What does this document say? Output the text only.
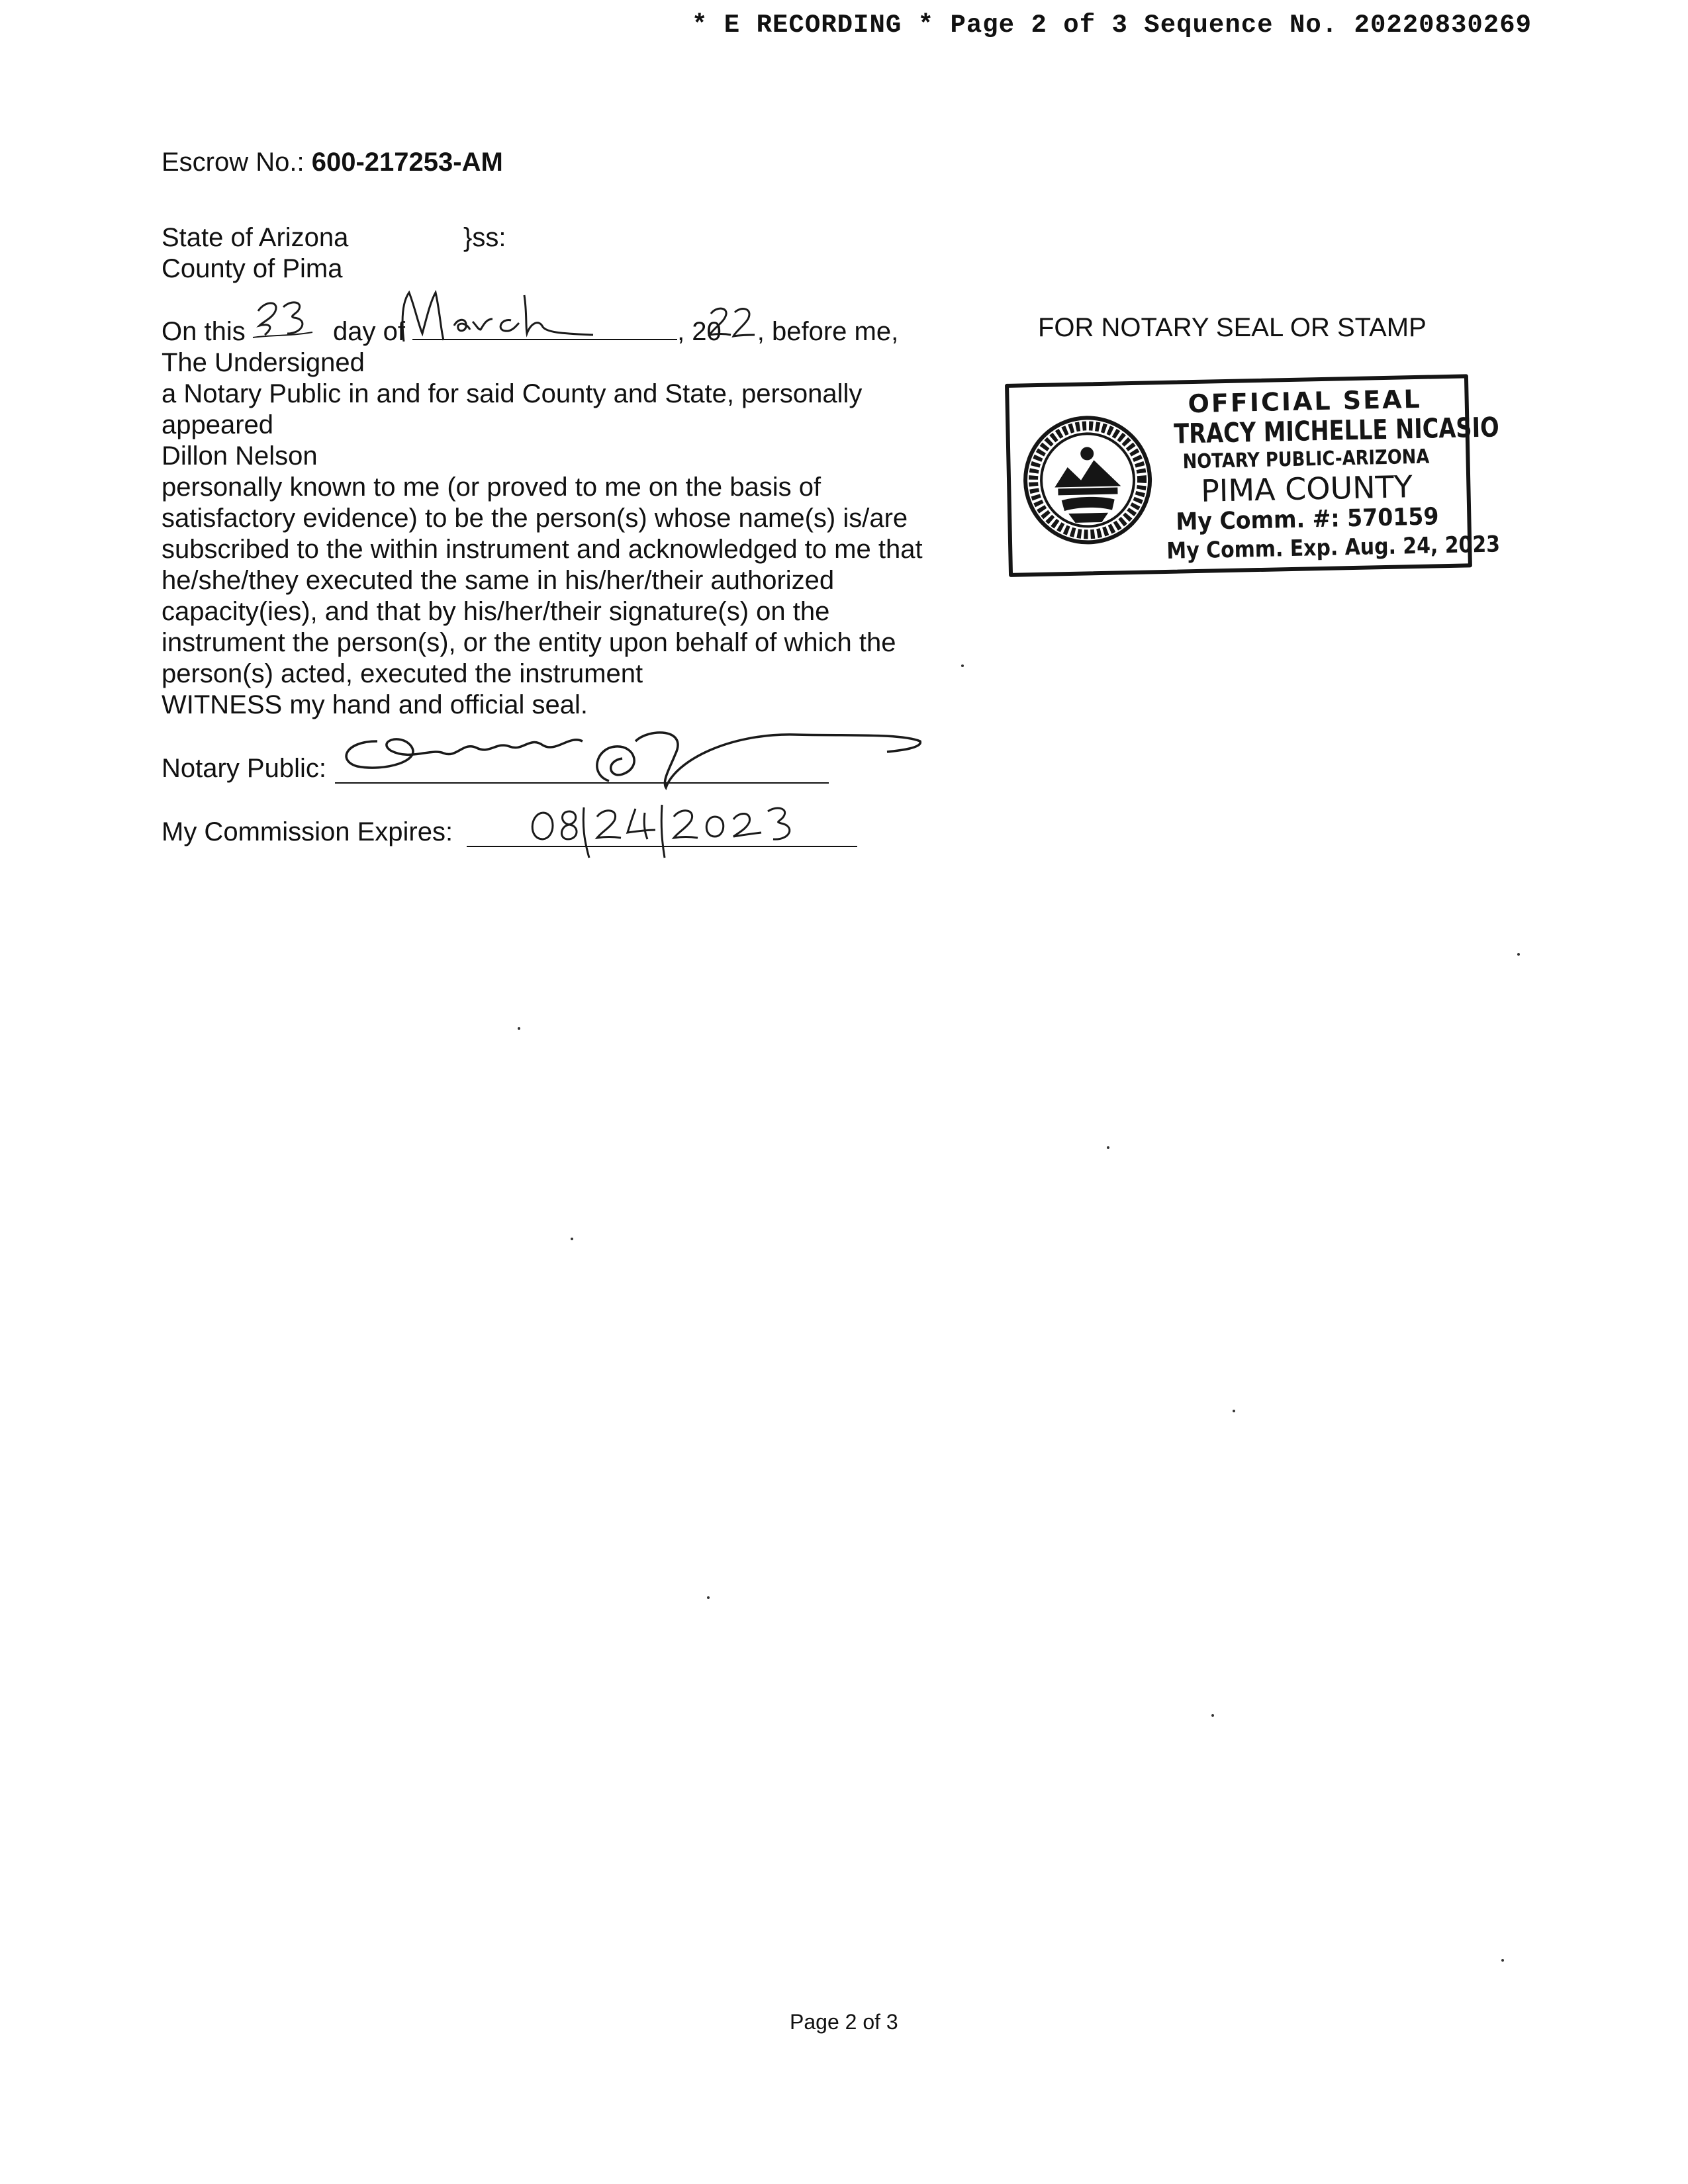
* E RECORDING * Page 2 of 3 Sequence No. 20220830269
Escrow No.: 600-217253-AM
State of Arizona	}ss:
County of Pima
On this	day of	, 20 , before me,
The Undersigned
a Notary Public in and for said County and State, personally
appeared
Dillon Nelson
personally known to me (or proved to me on the basis of
satisfactory evidence) to be the person(s) whose name(s) is/are
subscribed to the within instrument and acknowledged to me that
he/she/they executed the same in his/her/their authorized
capacity(ies), and that by his/her/their signature(s) on the
instrument the person(s), or the entity upon behalf of which the
person(s) acted, executed the instrument
WITNESS my hand and official seal.
Notary Public:
My Commission Expires:
FOR NOTARY SEAL OR STAMP
OFFICIAL SEAL
TRACY MICHELLE NICASIO
NOTARY PUBLIC-ARIZONA
PIMA COUNTY
My Comm. #: 570159
My Comm. Exp. Aug. 24, 2023
Page 2 of 3
